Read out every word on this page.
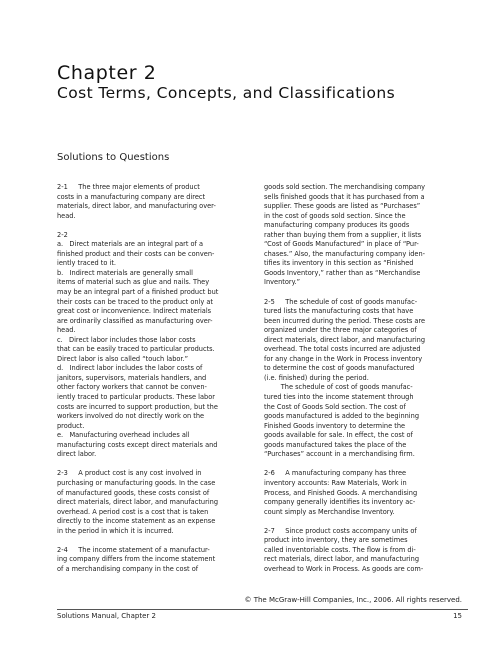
Chapter 2
Cost Terms, Concepts, and Classifications
Solutions to Questions

2-1     The three major elements of product

costs in a manufacturing company are direct

materials, direct labor, and manufacturing over-

head.

2-2

a.   Direct materials are an integral part of a

finished product and their costs can be conven-

iently traced to it.

b.   Indirect materials are generally small

items of material such as glue and nails. They

may be an integral part of a finished product but

their costs can be traced to the product only at

great cost or inconvenience. Indirect materials

are ordinarily classified as manufacturing over-

head.

c.   Direct labor includes those labor costs

that can be easily traced to particular products.

Direct labor is also called “touch labor.”

d.   Indirect labor includes the labor costs of

janitors, supervisors, materials handlers, and

other factory workers that cannot be conven-

iently traced to particular products. These labor

costs are incurred to support production, but the

workers involved do not directly work on the

product.

e.   Manufacturing overhead includes all

manufacturing costs except direct materials and

direct labor.

2-3     A product cost is any cost involved in

purchasing or manufacturing goods. In the case

of manufactured goods, these costs consist of

direct materials, direct labor, and manufacturing

overhead. A period cost is a cost that is taken

directly to the income statement as an expense

in the period in which it is incurred.

2-4     The income statement of a manufactur-

ing company differs from the income statement

of a merchandising company in the cost of

goods sold section. The merchandising company

sells finished goods that it has purchased from a

supplier. These goods are listed as “Purchases”

in the cost of goods sold section. Since the

manufacturing company produces its goods

rather than buying them from a supplier, it lists

“Cost of Goods Manufactured” in place of “Pur-

chases.” Also, the manufacturing company iden-

tifies its inventory in this section as “Finished

Goods Inventory,” rather than as “Merchandise

Inventory.”

2-5     The schedule of cost of goods manufac-

tured lists the manufacturing costs that have

been incurred during the period. These costs are

organized under the three major categories of

direct materials, direct labor, and manufacturing

overhead. The total costs incurred are adjusted

for any change in the Work in Process inventory

to determine the cost of goods manufactured

(i.e. finished) during the period.

The schedule of cost of goods manufac-

tured ties into the income statement through

the Cost of Goods Sold section. The cost of

goods manufactured is added to the beginning

Finished Goods inventory to determine the

goods available for sale. In effect, the cost of

goods manufactured takes the place of the

“Purchases” account in a merchandising firm.

2-6     A manufacturing company has three

inventory accounts: Raw Materials, Work in

Process, and Finished Goods. A merchandising

company generally identifies its inventory ac-

count simply as Merchandise Inventory.

2-7     Since product costs accompany units of

product into inventory, they are sometimes

called inventoriable costs. The flow is from di-

rect materials, direct labor, and manufacturing

overhead to Work in Process. As goods are com-

© The McGraw-Hill Companies, Inc., 2006. All rights reserved.
Solutions Manual, Chapter 2	15
